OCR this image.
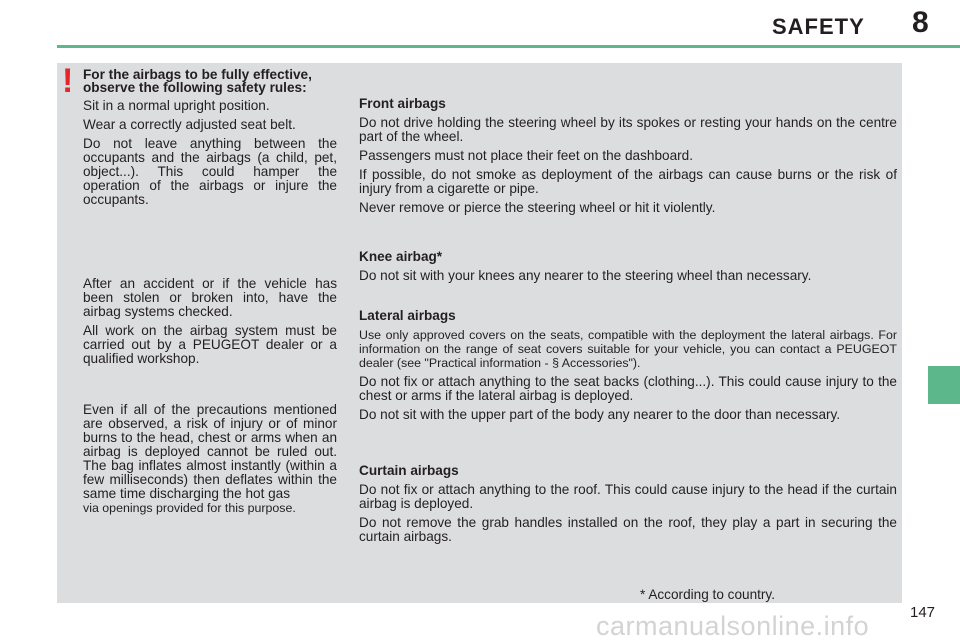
SAFETY 8
! For the airbags to be fully effective, observe the following safety rules:

Sit in a normal upright position.

Wear a correctly adjusted seat belt.

Do not leave anything between the occupants and the airbags (a child, pet, object...). This could hamper the operation of the airbags or injure the occupants.

After an accident or if the vehicle has been stolen or broken into, have the airbag systems checked.

All work on the airbag system must be carried out by a PEUGEOT dealer or a qualified workshop.

Even if all of the precautions mentioned are observed, a risk of injury or of minor burns to the head, chest or arms when an airbag is deployed cannot be ruled out. The bag inflates almost instantly (within a few milliseconds) then deflates within the same time discharging the hot gas

via openings provided for this purpose.

Front airbags

Do not drive holding the steering wheel by its spokes or resting your hands on the centre part of the wheel.

Passengers must not place their feet on the dashboard.

If possible, do not smoke as deployment of the airbags can cause burns or the risk of injury from a cigarette or pipe.

Never remove or pierce the steering wheel or hit it violently.

Knee airbag*

Do not sit with your knees any nearer to the steering wheel than necessary.

Lateral airbags

Use only approved covers on the seats, compatible with the deployment the lateral airbags. For information on the range of seat covers suitable for your vehicle, you can contact a PEUGEOT dealer (see "Practical information - § Accessories").

Do not fix or attach anything to the seat backs (clothing...). This could cause injury to the chest or arms if the lateral airbag is deployed.

Do not sit with the upper part of the body any nearer to the door than necessary.

Curtain airbags

Do not fix or attach anything to the roof. This could cause injury to the head if the curtain airbag is deployed.

Do not remove the grab handles installed on the roof, they play a part in securing the curtain airbags.

* According to country.
carmanualsonline.info	147
